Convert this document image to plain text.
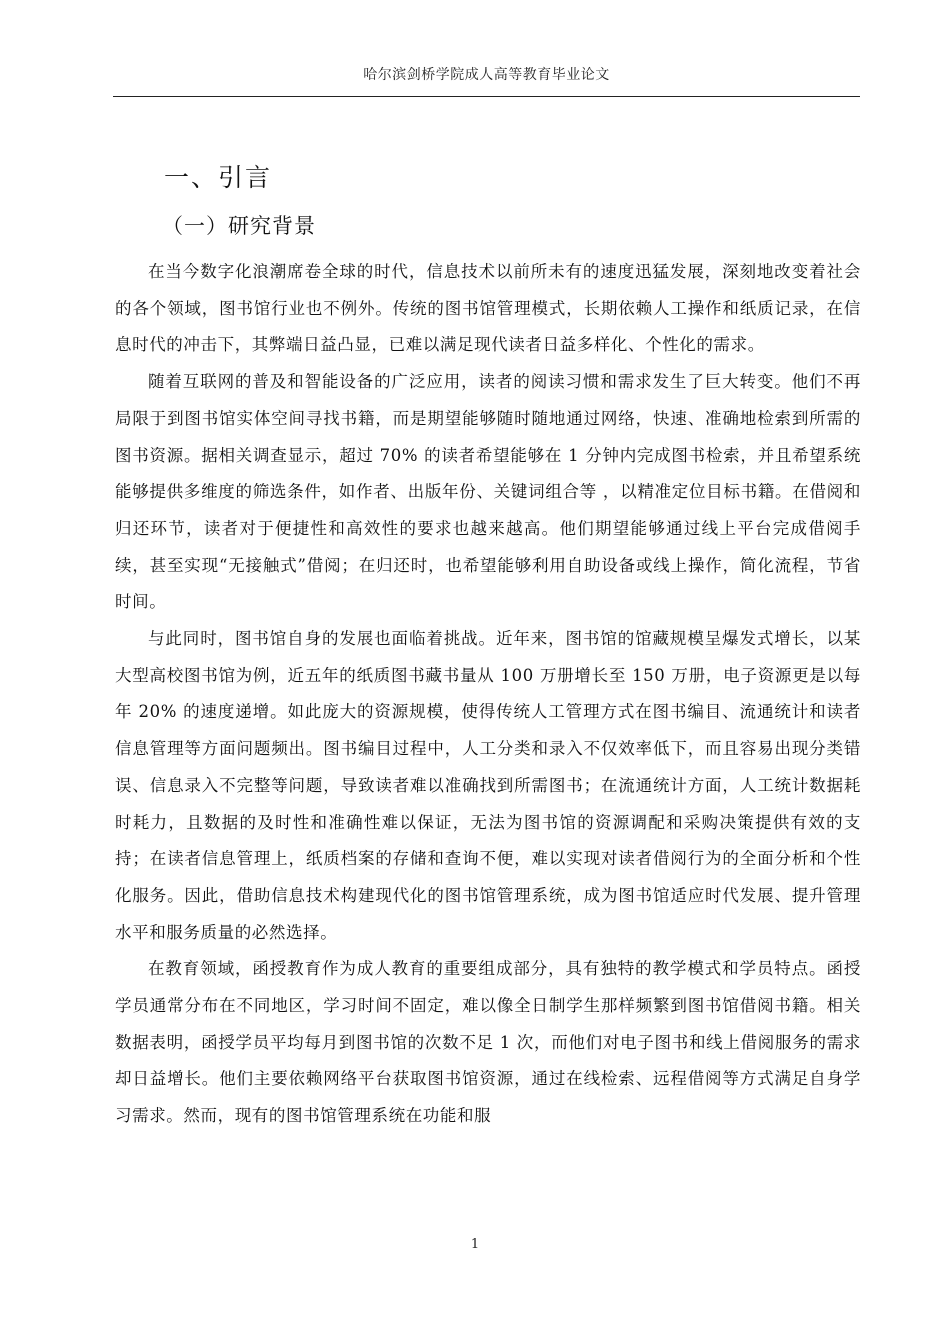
哈尔滨剑桥学院成人高等教育毕业论文
一、引言
（一）研究背景

在当今数字化浪潮席卷全球的时代，信息技术以前所未有的速度迅猛发展，深刻地改变着社会的各个领域，图书馆行业也不例外。传统的图书馆管理模式，长期依赖人工操作和纸质记录，在信息时代的冲击下，其弊端日益凸显，已难以满足现代读者日益多样化、个性化的需求。

随着互联网的普及和智能设备的广泛应用，读者的阅读习惯和需求发生了巨大转变。他们不再局限于到图书馆实体空间寻找书籍，而是期望能够随时随地通过网络，快速、准确地检索到所需的图书资源。据相关调查显示，超过 70% 的读者希望能够在 1 分钟内完成图书检索，并且希望系统能够提供多维度的筛选条件，如作者、出版年份、关键词组合等 ，以精准定位目标书籍。在借阅和归还环节，读者对于便捷性和高效性的要求也越来越高。他们期望能够通过线上平台完成借阅手续，甚至实现“无接触式”借阅；在归还时，也希望能够利用自助设备或线上操作，简化流程，节省时间。

与此同时，图书馆自身的发展也面临着挑战。近年来，图书馆的馆藏规模呈爆发式增长，以某大型高校图书馆为例，近五年的纸质图书藏书量从 100 万册增长至 150 万册，电子资源更是以每年 20% 的速度递增。如此庞大的资源规模，使得传统人工管理方式在图书编目、流通统计和读者信息管理等方面问题频出。图书编目过程中，人工分类和录入不仅效率低下，而且容易出现分类错误、信息录入不完整等问题，导致读者难以准确找到所需图书；在流通统计方面，人工统计数据耗时耗力，且数据的及时性和准确性难以保证，无法为图书馆的资源调配和采购决策提供有效的支持；在读者信息管理上，纸质档案的存储和查询不便，难以实现对读者借阅行为的全面分析和个性化服务。因此，借助信息技术构建现代化的图书馆管理系统，成为图书馆适应时代发展、提升管理水平和服务质量的必然选择。

在教育领域，函授教育作为成人教育的重要组成部分，具有独特的教学模式和学员特点。函授学员通常分布在不同地区，学习时间不固定，难以像全日制学生那样频繁到图书馆借阅书籍。相关数据表明，函授学员平均每月到图书馆的次数不足 1 次，而他们对电子图书和线上借阅服务的需求却日益增长。他们主要依赖网络平台获取图书馆资源，通过在线检索、远程借阅等方式满足自身学习需求。然而，现有的图书馆管理系统在功能和服

1
